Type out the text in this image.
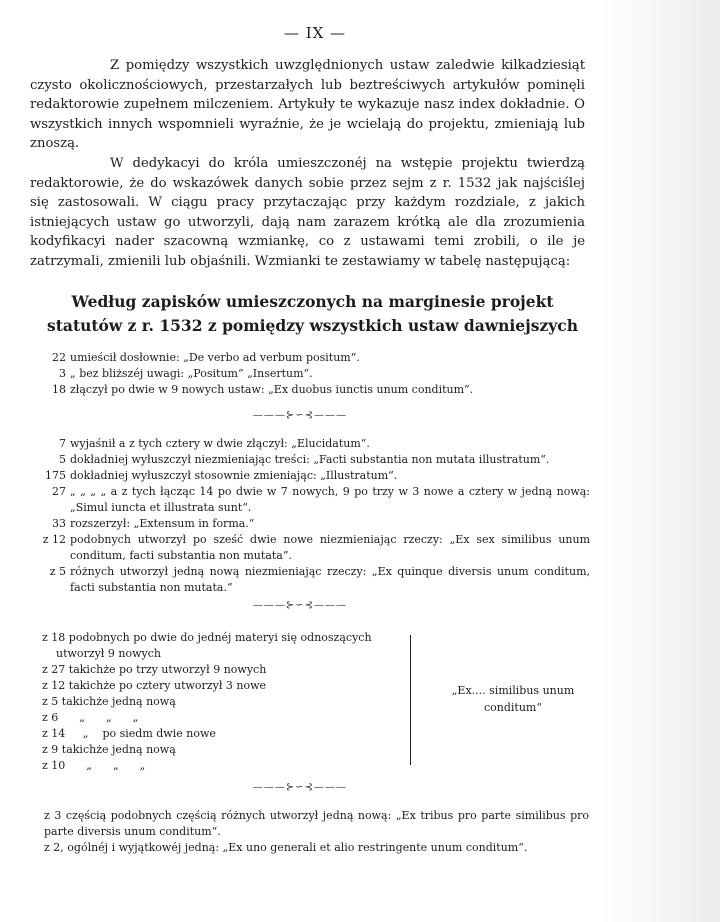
— IX —

Z pomiędzy wszystkich uwzględnionych ustaw zaledwie kilkadziesiąt czysto okolicznościowych, przestarzałych lub beztreściwych artykułów pominęli redaktorowie zupełnem milczeniem. Artykuły te wykazuje nasz index dokładnie. O wszystkich innych wspomnieli wyraźnie, że je wcielają do projektu, zmieniają lub znoszą.

W dedykacyi do króla umieszczonéj na wstępie projektu twierdzą redaktorowie, że do wskazówek danych sobie przez sejm z r. 1532 jak najściślej się zastosowali. W ciągu pracy przytaczając przy każdym rozdziale, z jakich istniejących ustaw go utworzyli, dają nam zarazem krótką ale dla zrozumienia kodyfikacyi nader szacowną wzmiankę, co z ustawami temi zrobili, o ile je zatrzymali, zmienili lub objaśnili. Wzmianki te zestawiamy w tabelę następującą:

Według zapisków umieszczonych na marginesie projekt
statutów z r. 1532 z pomiędzy wszystkich ustaw dawniejszych
22 umieścił dosłownie: „De verbo ad verbum positum“.
3 „ bez bliższéj uwagi: „Positum“ „Insertum“.
18 złączył po dwie w 9 nowych ustaw: „Ex duobus iunctis unum conditum“.
———⊱∽⊰———
7 wyjaśnił a z tych cztery w dwie złączył: „Elucidatum“.
5 dokładniej wyłuszczył niezmieniając treści: „Facti substantia non mutata illustratum“.
175 dokładniej wyłuszczył stosownie zmieniając: „Illustratum“.
27 „ „ „ „ a z tych łącząc 14 po dwie w 7 nowych, 9 po trzy w 3 nowe a cztery w jedną nową: „Simul iuncta et illustrata sunt“.
33 rozszerzył: „Extensum in forma.“
z 12 podobnych utworzył po sześć dwie nowe niezmieniając rzeczy: „Ex sex similibus unum conditum, facti substantia non mutata“.
z 5 różnych utworzył jedną nową niezmieniając rzeczy: „Ex quinque diversis unum conditum, facti substantia non mutata.“
———⊱∽⊰———
z 18 podobnych po dwie do jednéj materyi się odnoszących
utworzył 9 nowych
z 27 takichże po trzy utworzył 9 nowych
z 12 takichże po cztery utworzył 3 nowe
z 5 takichże jedną nową
z 6      „      „      „
z 14     „    po siedm dwie nowe
z 9 takichże jedną nową
z 10      „      „      „
„Ex.... similibus unum conditum“
———⊱∽⊰———
z 3 częścią podobnych częścią różnych utworzył jedną nową: „Ex tribus pro parte similibus pro parte diversis unum conditum“.
z 2, ogólnéj i wyjątkowéj jedną: „Ex uno generali et alio restringente unum conditum“.
